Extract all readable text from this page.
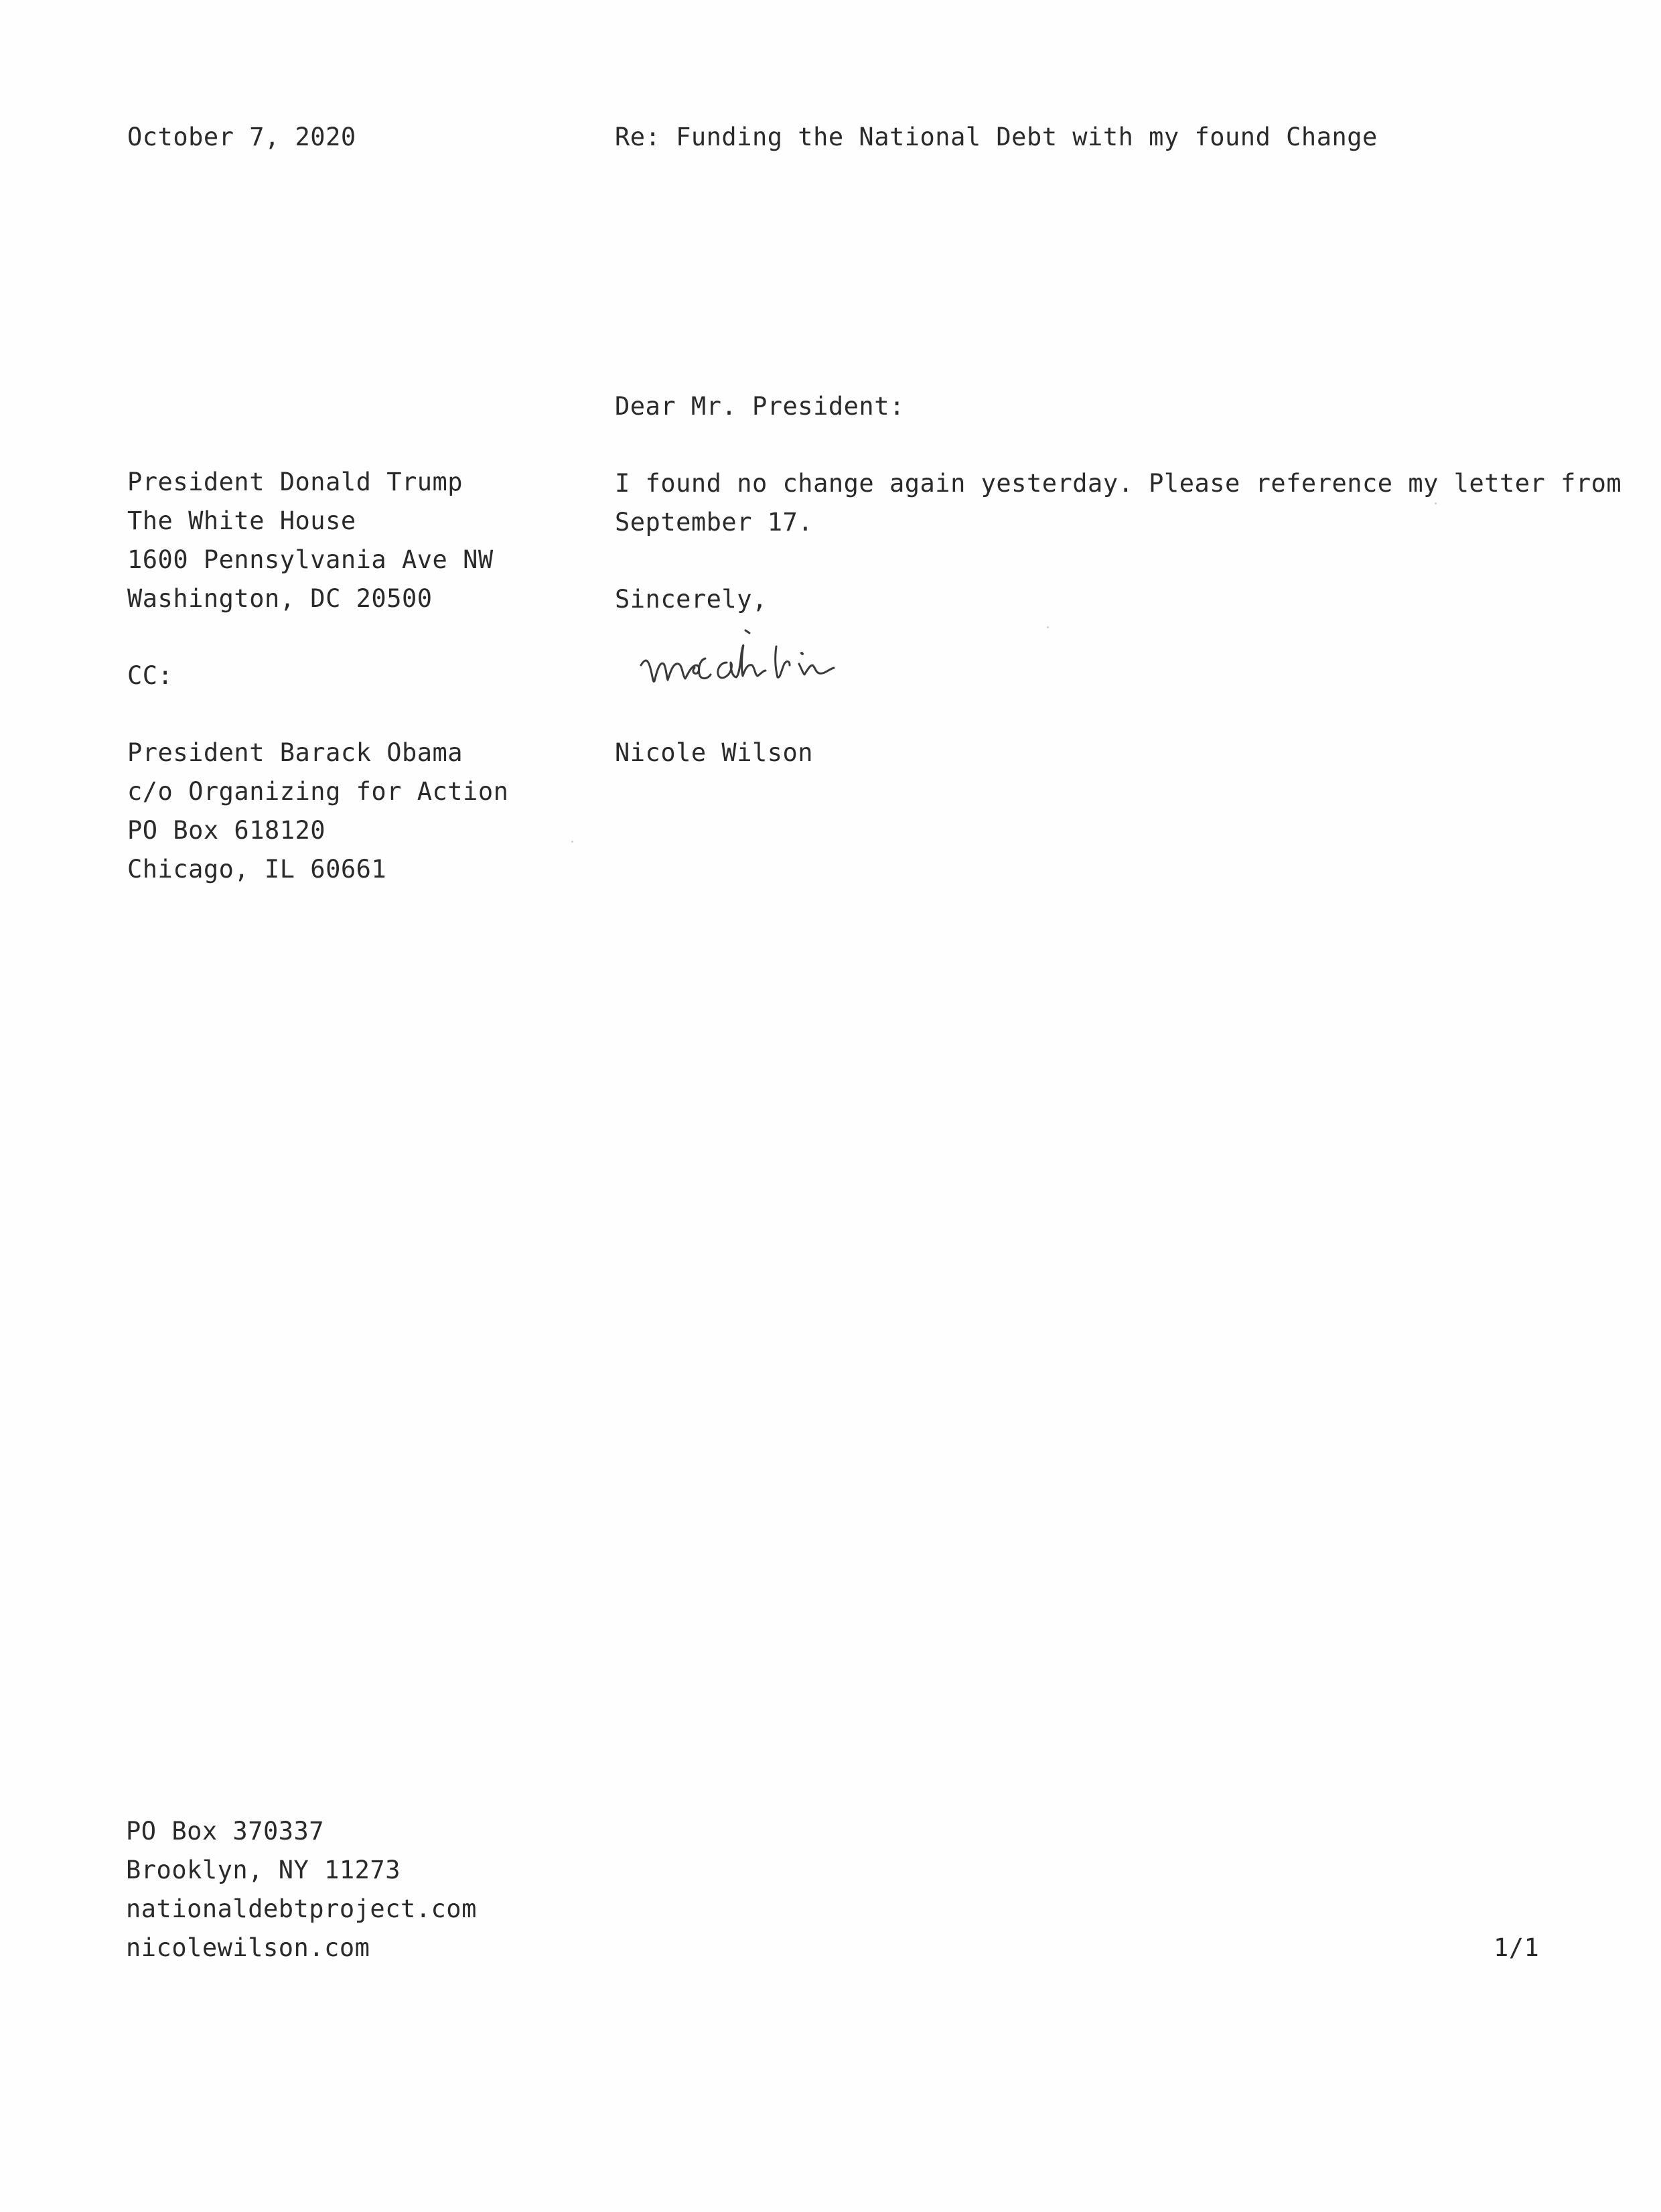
October 7, 2020	Re: Funding the National Debt with my found Change
Dear Mr. President:
President Donald Trump
The White House
1600 Pennsylvania Ave NW
Washington, DC 20500
CC:
President Barack Obama
c/o Organizing for Action
PO Box 618120
Chicago, IL 60661
I found no change again yesterday. Please reference my letter from
September 17.
Sincerely,
Nicole Wilson
PO Box 370337
Brooklyn, NY 11273
nationaldebtproject.com
nicolewilson.com	1/1
